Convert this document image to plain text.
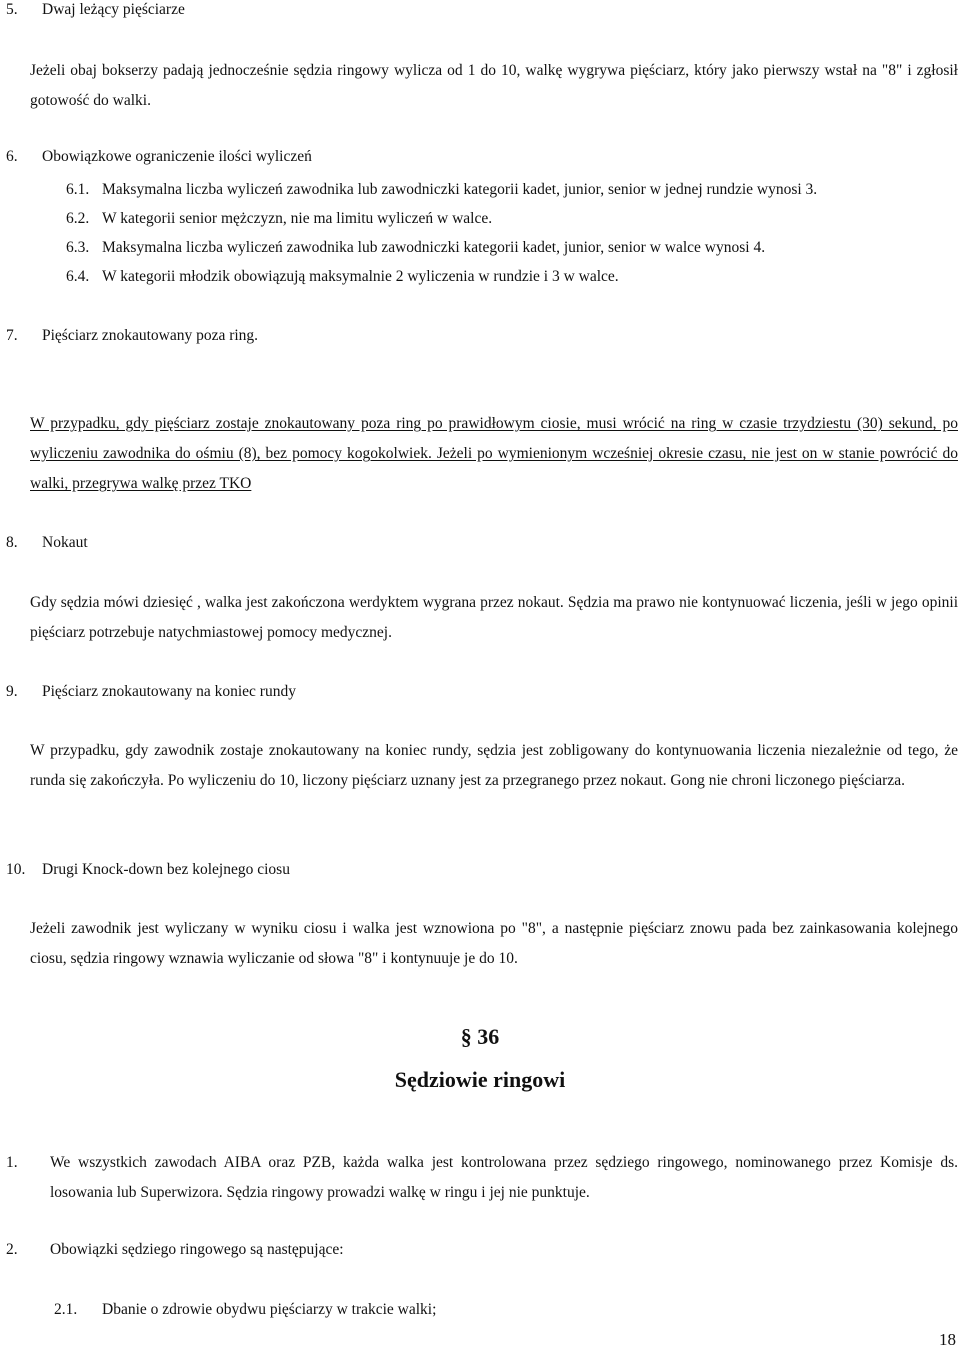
5. Dwaj leżący pięściarze
Jeżeli obaj bokserzy padają jednocześnie sędzia ringowy wylicza od 1 do 10, walkę wygrywa pięściarz, który jako pierwszy wstał na "8" i zgłosił gotowość do walki.
6. Obowiązkowe ograniczenie ilości wyliczeń
6.1. Maksymalna liczba wyliczeń zawodnika lub zawodniczki kategorii kadet, junior, senior w jednej rundzie wynosi 3.
6.2. W kategorii senior mężczyzn, nie ma limitu wyliczeń w walce.
6.3. Maksymalna liczba wyliczeń zawodnika lub zawodniczki kategorii kadet, junior, senior w walce wynosi 4.
6.4. W kategorii młodzik obowiązują maksymalnie 2 wyliczenia w rundzie i 3 w walce.
7. Pięściarz znokautowany poza ring.
W przypadku, gdy pięściarz zostaje znokautowany poza ring po prawidłowym ciosie, musi wrócić na ring w czasie trzydziestu (30) sekund, po wyliczeniu zawodnika do ośmiu (8), bez pomocy kogokolwiek. Jeżeli po wymienionym wcześniej okresie czasu, nie jest on w stanie powrócić do walki, przegrywa walkę przez TKO
8. Nokaut
Gdy sędzia mówi dziesięć , walka jest zakończona werdyktem wygrana przez nokaut. Sędzia ma prawo nie kontynuować liczenia, jeśli w jego opinii pięściarz potrzebuje natychmiastowej pomocy medycznej.
9. Pięściarz znokautowany na koniec rundy
W przypadku, gdy zawodnik zostaje znokautowany na koniec rundy, sędzia jest zobligowany do kontynuowania liczenia niezależnie od tego, że runda się zakończyła. Po wyliczeniu do 10, liczony pięściarz uznany jest za przegranego przez nokaut. Gong nie chroni liczonego pięściarza.
10. Drugi Knock-down bez kolejnego ciosu
Jeżeli zawodnik jest wyliczany w wyniku ciosu i walka jest wznowiona po "8", a następnie pięściarz znowu pada bez zainkasowania kolejnego ciosu, sędzia ringowy wznawia wyliczanie od słowa "8" i kontynuuje je do 10.
§ 36
Sędziowie ringowi
1. We wszystkich zawodach AIBA oraz PZB, każda walka jest kontrolowana przez sędziego ringowego, nominowanego przez Komisje ds. losowania lub Superwizora. Sędzia ringowy prowadzi walkę w ringu i jej nie punktuje.
2. Obowiązki sędziego ringowego są następujące:
2.1. Dbanie o zdrowie obydwu pięściarzy w trakcie walki;
18
